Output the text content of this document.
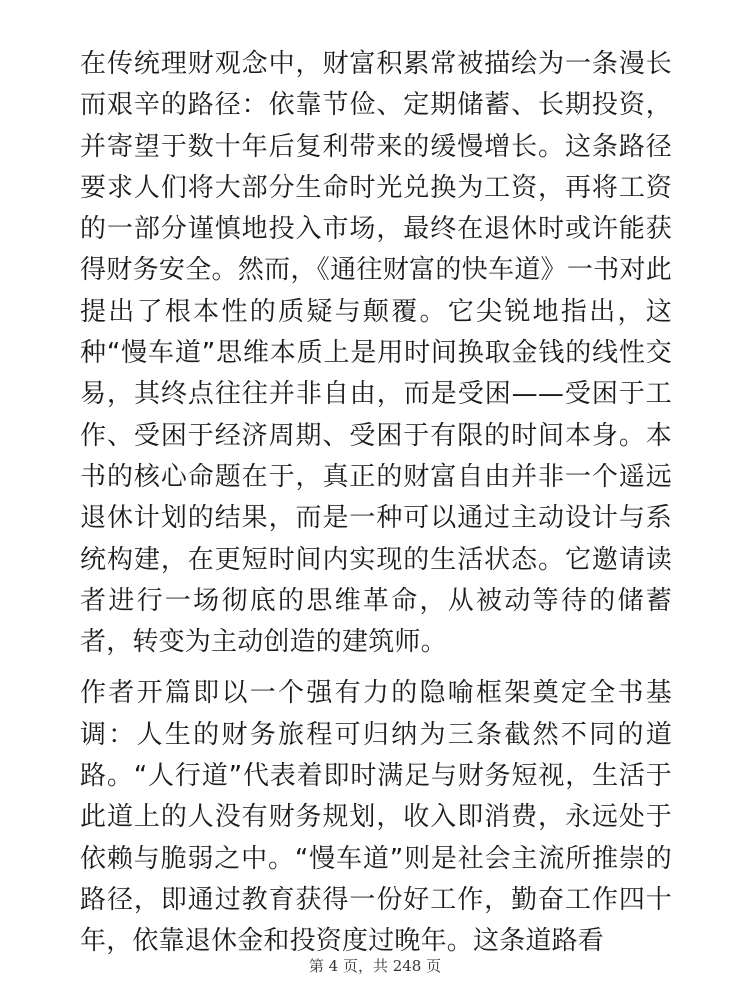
在传统理财观念中，财富积累常被描绘为一条漫长而艰辛的路径：依靠节俭、定期储蓄、长期投资，并寄望于数十年后复利带来的缓慢增长。这条路径要求人们将大部分生命时光兑换为工资，再将工资的一部分谨慎地投入市场，最终在退休时或许能获得财务安全。然而，《通往财富的快车道》一书对此提出了根本性的质疑与颠覆。它尖锐地指出，这种“慢车道”思维本质上是用时间换取金钱的线性交易，其终点往往并非自由，而是受困——受困于工作、受困于经济周期、受困于有限的时间本身。本书的核心命题在于，真正的财富自由并非一个遥远退休计划的结果，而是一种可以通过主动设计与系统构建，在更短时间内实现的生活状态。它邀请读者进行一场彻底的思维革命，从被动等待的储蓄者，转变为主动创造的建筑师。

作者开篇即以一个强有力的隐喻框架奠定全书基调：人生的财务旅程可归纳为三条截然不同的道路。“人行道”代表着即时满足与财务短视，生活于此道上的人没有财务规划，收入即消费，永远处于依赖与脆弱之中。“慢车道”则是社会主流所推崇的路径，即通过教育获得一份好工作，勤奋工作四十年，依靠退休金和投资度过晚年。这条道路看

第 4 页，共 248 页
